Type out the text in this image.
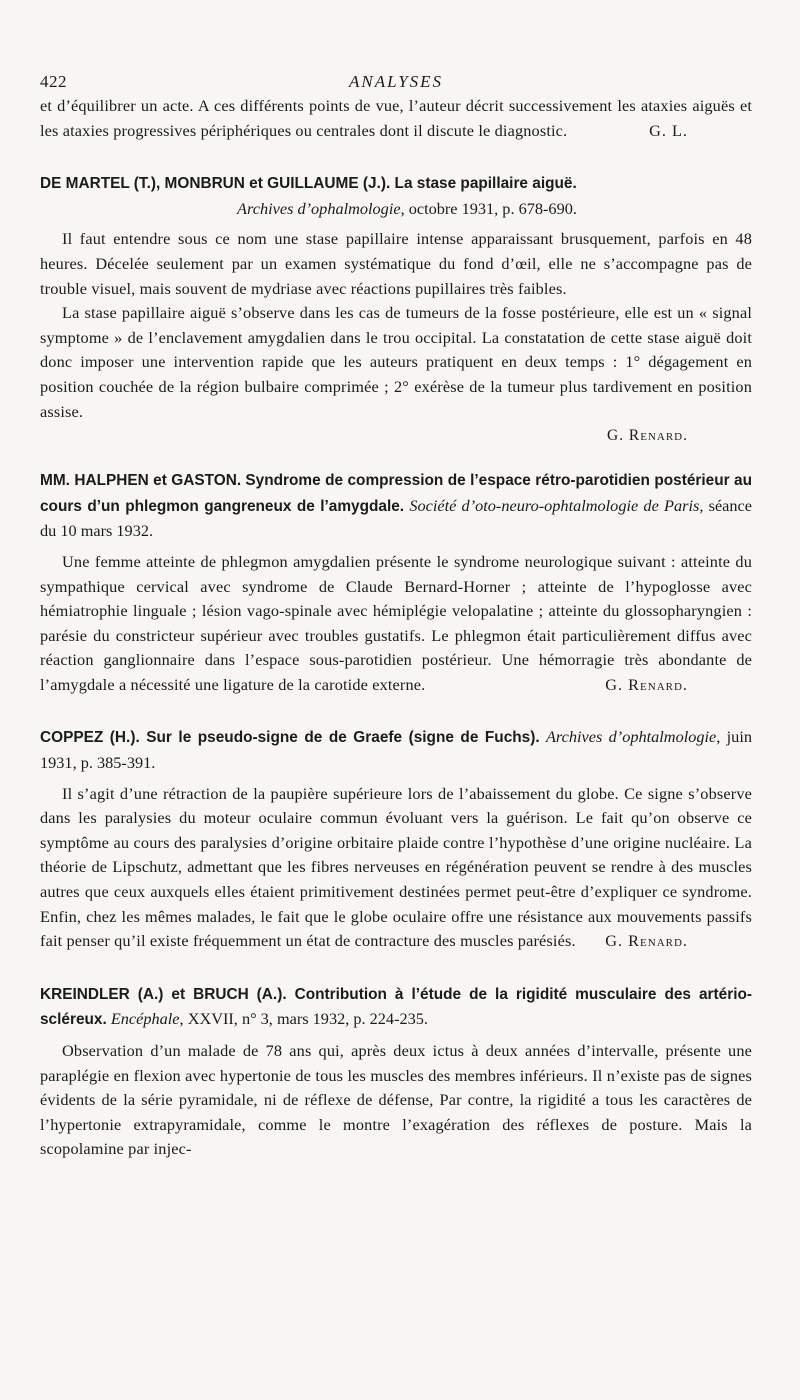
422	ANALYSES

et d’équilibrer un acte. A ces différents points de vue, l’auteur décrit successivement les ataxies aiguës et les ataxies progressives périphériques ou centrales dont il discute le diagnostic.	G. L.

DE MARTEL (T.), MONBRUN et GUILLAUME (J.). La stase papillaire aiguë.

Archives d’ophalmologie, octobre 1931, p. 678-690.

Il faut entendre sous ce nom une stase papillaire intense apparaissant brusquement, parfois en 48 heures. Décelée seulement par un examen systématique du fond d’œil, elle ne s’accompagne pas de trouble visuel, mais souvent de mydriase avec réactions pupillaires très faibles.

La stase papillaire aiguë s’observe dans les cas de tumeurs de la fosse postérieure, elle est un « signal symptome » de l’enclavement amygdalien dans le trou occipital. La constatation de cette stase aiguë doit donc imposer une intervention rapide que les auteurs pratiquent en deux temps : 1° dégagement en position couchée de la région bulbaire comprimée ; 2° exérèse de la tumeur plus tardivement en position assise.

G. Renard.

MM. HALPHEN et GASTON. Syndrome de compression de l’espace rétro-parotidien postérieur au cours d’un phlegmon gangreneux de l’amygdale. Société d’oto-neuro-ophtalmologie de Paris, séance du 10 mars 1932.

Une femme atteinte de phlegmon amygdalien présente le syndrome neurologique suivant : atteinte du sympathique cervical avec syndrome de Claude Bernard-Horner ; atteinte de l’hypoglosse avec hémiatrophie linguale ; lésion vago-spinale avec hémiplégie velopalatine ; atteinte du glossopharyngien : parésie du constricteur supérieur avec troubles gustatifs. Le phlegmon était particulièrement diffus avec réaction ganglionnaire dans l’espace sous-parotidien postérieur. Une hémorragie très abondante de l’amygdale a nécessité une ligature de la carotide externe.	G. Renard.

COPPEZ (H.). Sur le pseudo-signe de de Graefe (signe de Fuchs). Archives d’ophtalmologie, juin 1931, p. 385-391.

Il s’agit d’une rétraction de la paupière supérieure lors de l’abaissement du globe. Ce signe s’observe dans les paralysies du moteur oculaire commun évoluant vers la guérison. Le fait qu’on observe ce symptôme au cours des paralysies d’origine orbitaire plaide contre l’hypothèse d’une origine nucléaire. La théorie de Lipschutz, admettant que les fibres nerveuses en régénération peuvent se rendre à des muscles autres que ceux auxquels elles étaient primitivement destinées permet peut-être d’expliquer ce syndrome. Enfin, chez les mêmes malades, le fait que le globe oculaire offre une résistance aux mouvements passifs fait penser qu’il existe fréquemment un état de contracture des muscles parésiés.	G. Renard.

KREINDLER (A.) et BRUCH (A.). Contribution à l’étude de la rigidité musculaire des artério-scléreux. Encéphale, XXVII, n° 3, mars 1932, p. 224-235.

Observation d’un malade de 78 ans qui, après deux ictus à deux années d’intervalle, présente une paraplégie en flexion avec hypertonie de tous les muscles des membres inférieurs. Il n’existe pas de signes évidents de la série pyramidale, ni de réflexe de défense, Par contre, la rigidité a tous les caractères de l’hypertonie extrapyramidale, comme le montre l’exagération des réflexes de posture. Mais la scopolamine par injec-
